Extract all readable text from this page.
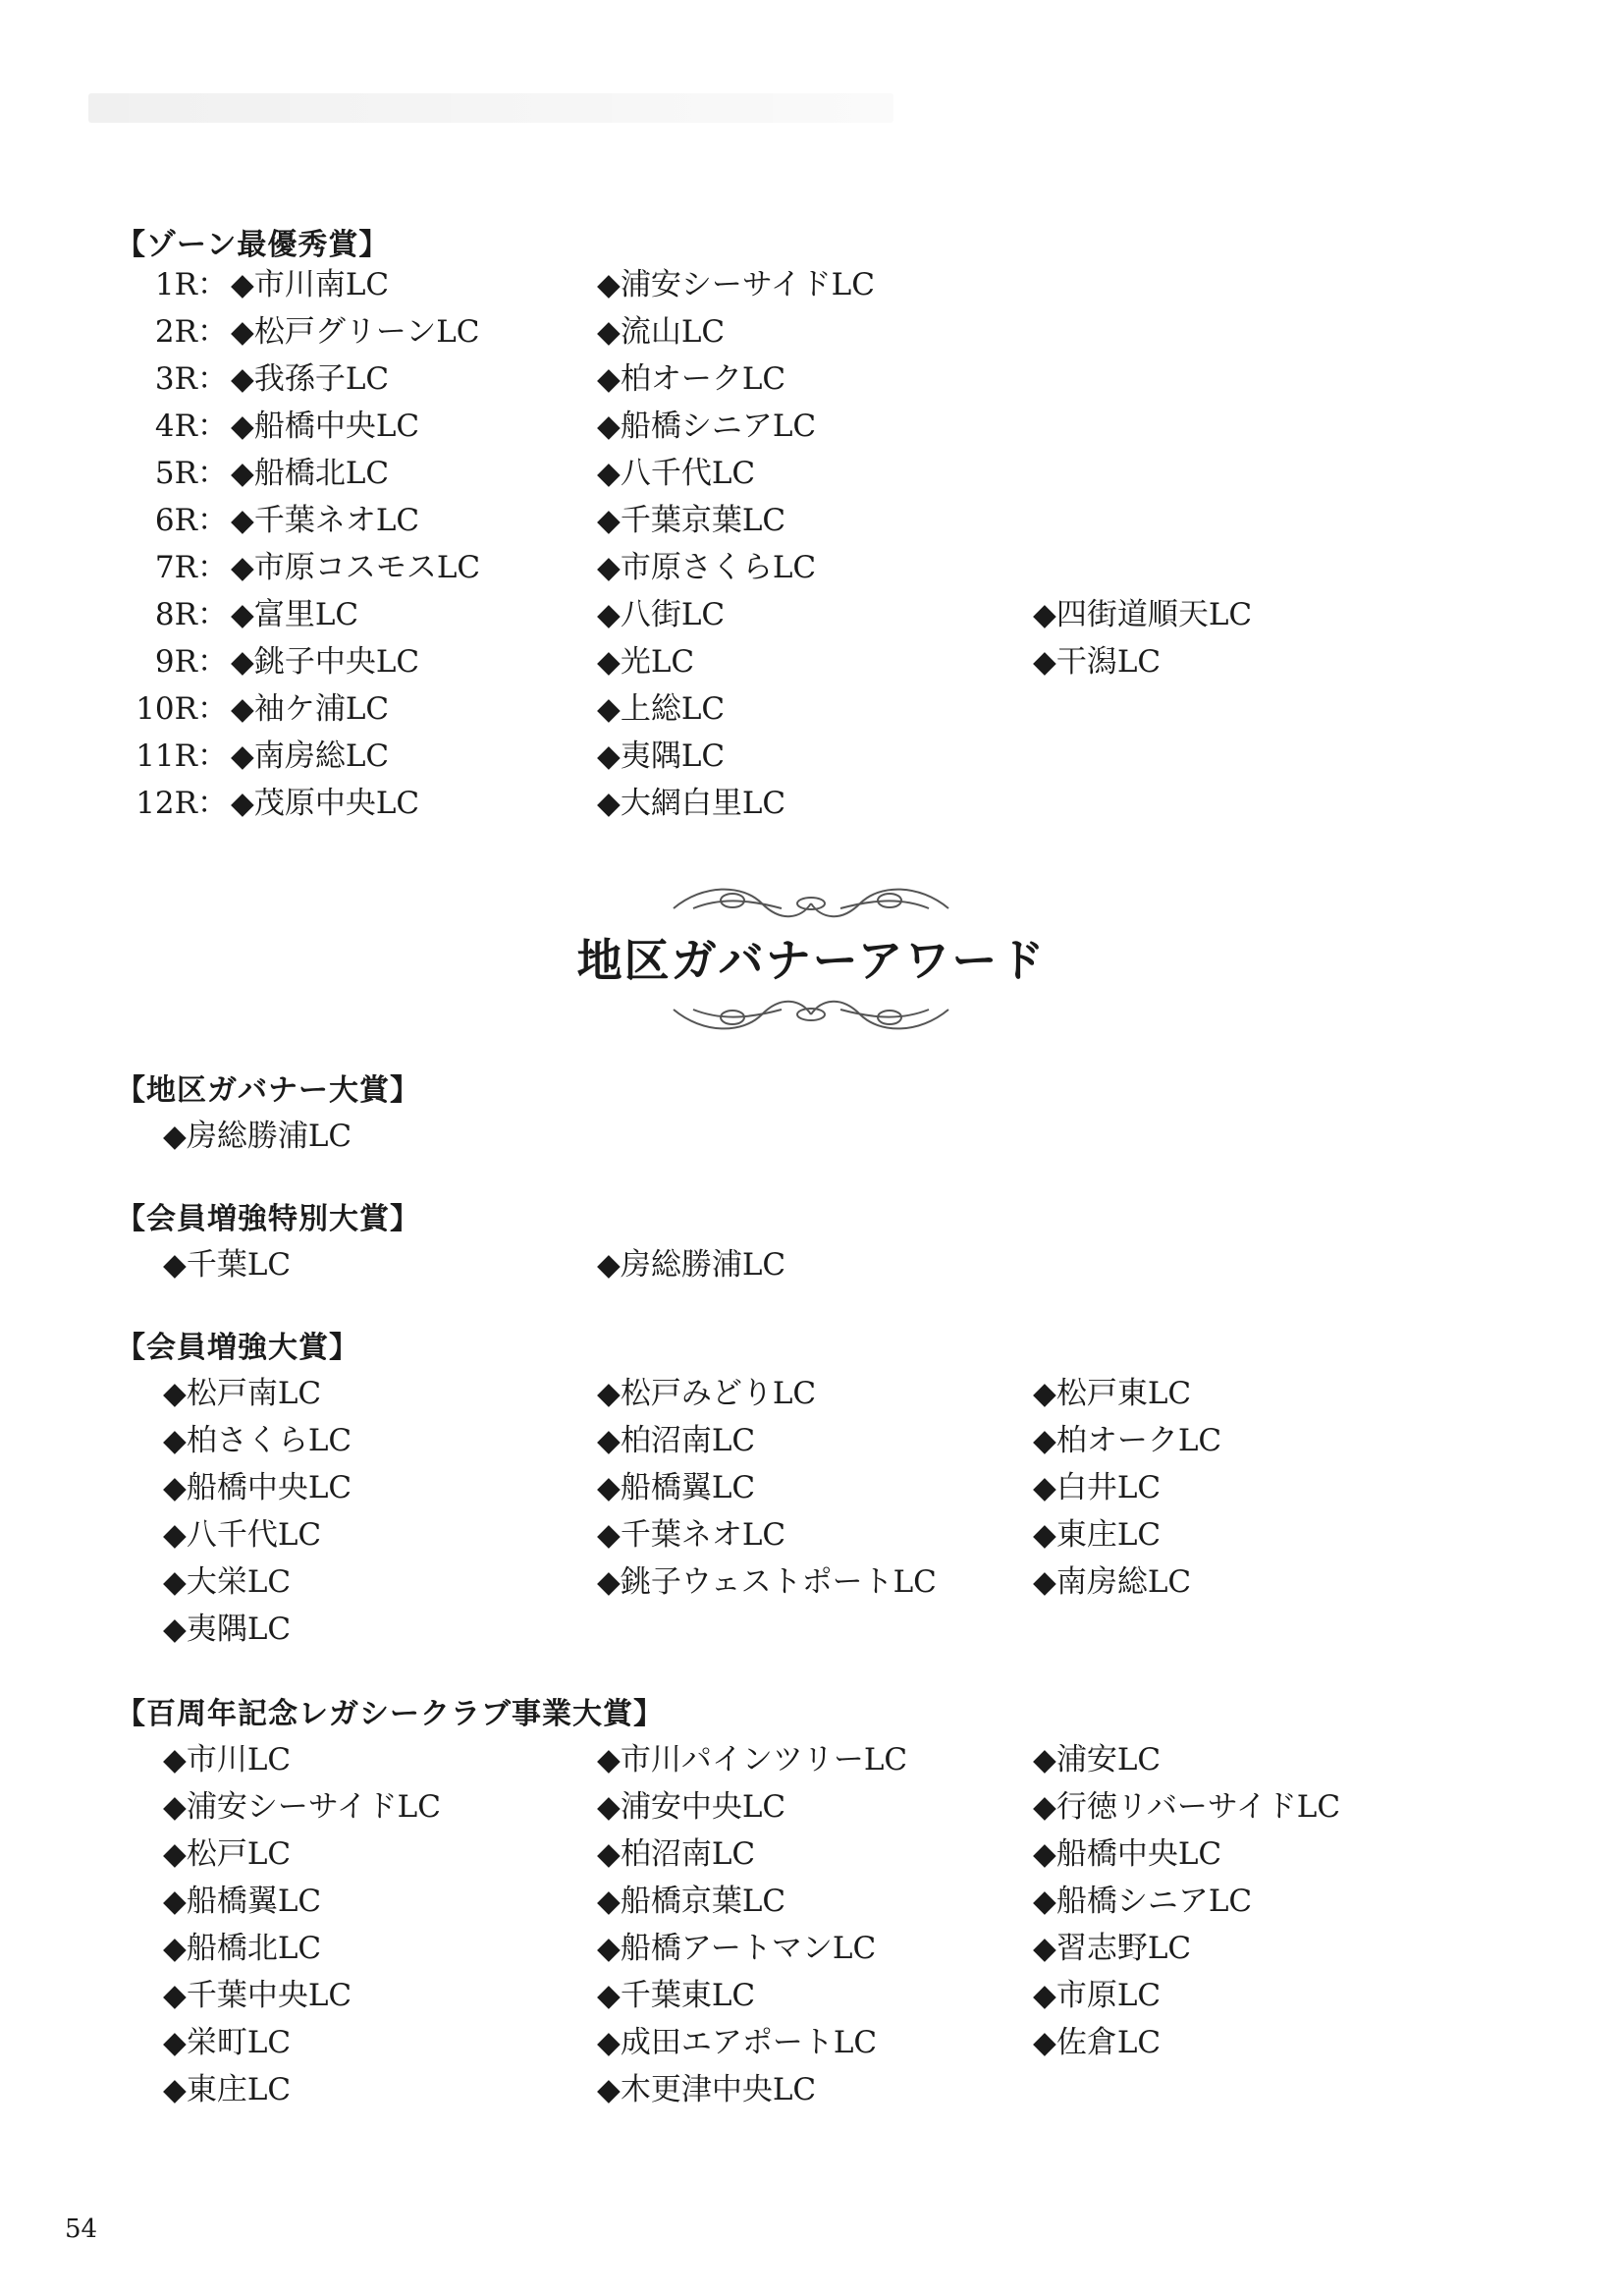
【ゾーン最優秀賞】
1R： ◆市川南LC	◆浦安シーサイドLC
2R： ◆松戸グリーンLC	◆流山LC
3R： ◆我孫子LC	◆柏オークLC
4R： ◆船橋中央LC	◆船橋シニアLC
5R： ◆船橋北LC	◆八千代LC
6R： ◆千葉ネオLC	◆千葉京葉LC
7R： ◆市原コスモスLC	◆市原さくらLC
8R： ◆富里LC	◆八街LC	◆四街道順天LC
9R： ◆銚子中央LC	◆光LC	◆干潟LC
10R： ◆袖ケ浦LC	◆上総LC
11R： ◆南房総LC	◆夷隅LC
12R： ◆茂原中央LC	◆大網白里LC
地区ガバナーアワード
【地区ガバナー大賞】
◆房総勝浦LC
【会員増強特別大賞】
◆千葉LC	◆房総勝浦LC
【会員増強大賞】
◆松戸南LC	◆松戸みどりLC	◆松戸東LC
◆柏さくらLC	◆柏沼南LC	◆柏オークLC
◆船橋中央LC	◆船橋翼LC	◆白井LC
◆八千代LC	◆千葉ネオLC	◆東庄LC
◆大栄LC	◆銚子ウェストポートLC	◆南房総LC
◆夷隅LC
【百周年記念レガシークラブ事業大賞】
◆市川LC	◆市川パインツリーLC	◆浦安LC
◆浦安シーサイドLC	◆浦安中央LC	◆行徳リバーサイドLC
◆松戸LC	◆柏沼南LC	◆船橋中央LC
◆船橋翼LC	◆船橋京葉LC	◆船橋シニアLC
◆船橋北LC	◆船橋アートマンLC	◆習志野LC
◆千葉中央LC	◆千葉東LC	◆市原LC
◆栄町LC	◆成田エアポートLC	◆佐倉LC
◆東庄LC	◆木更津中央LC
54
